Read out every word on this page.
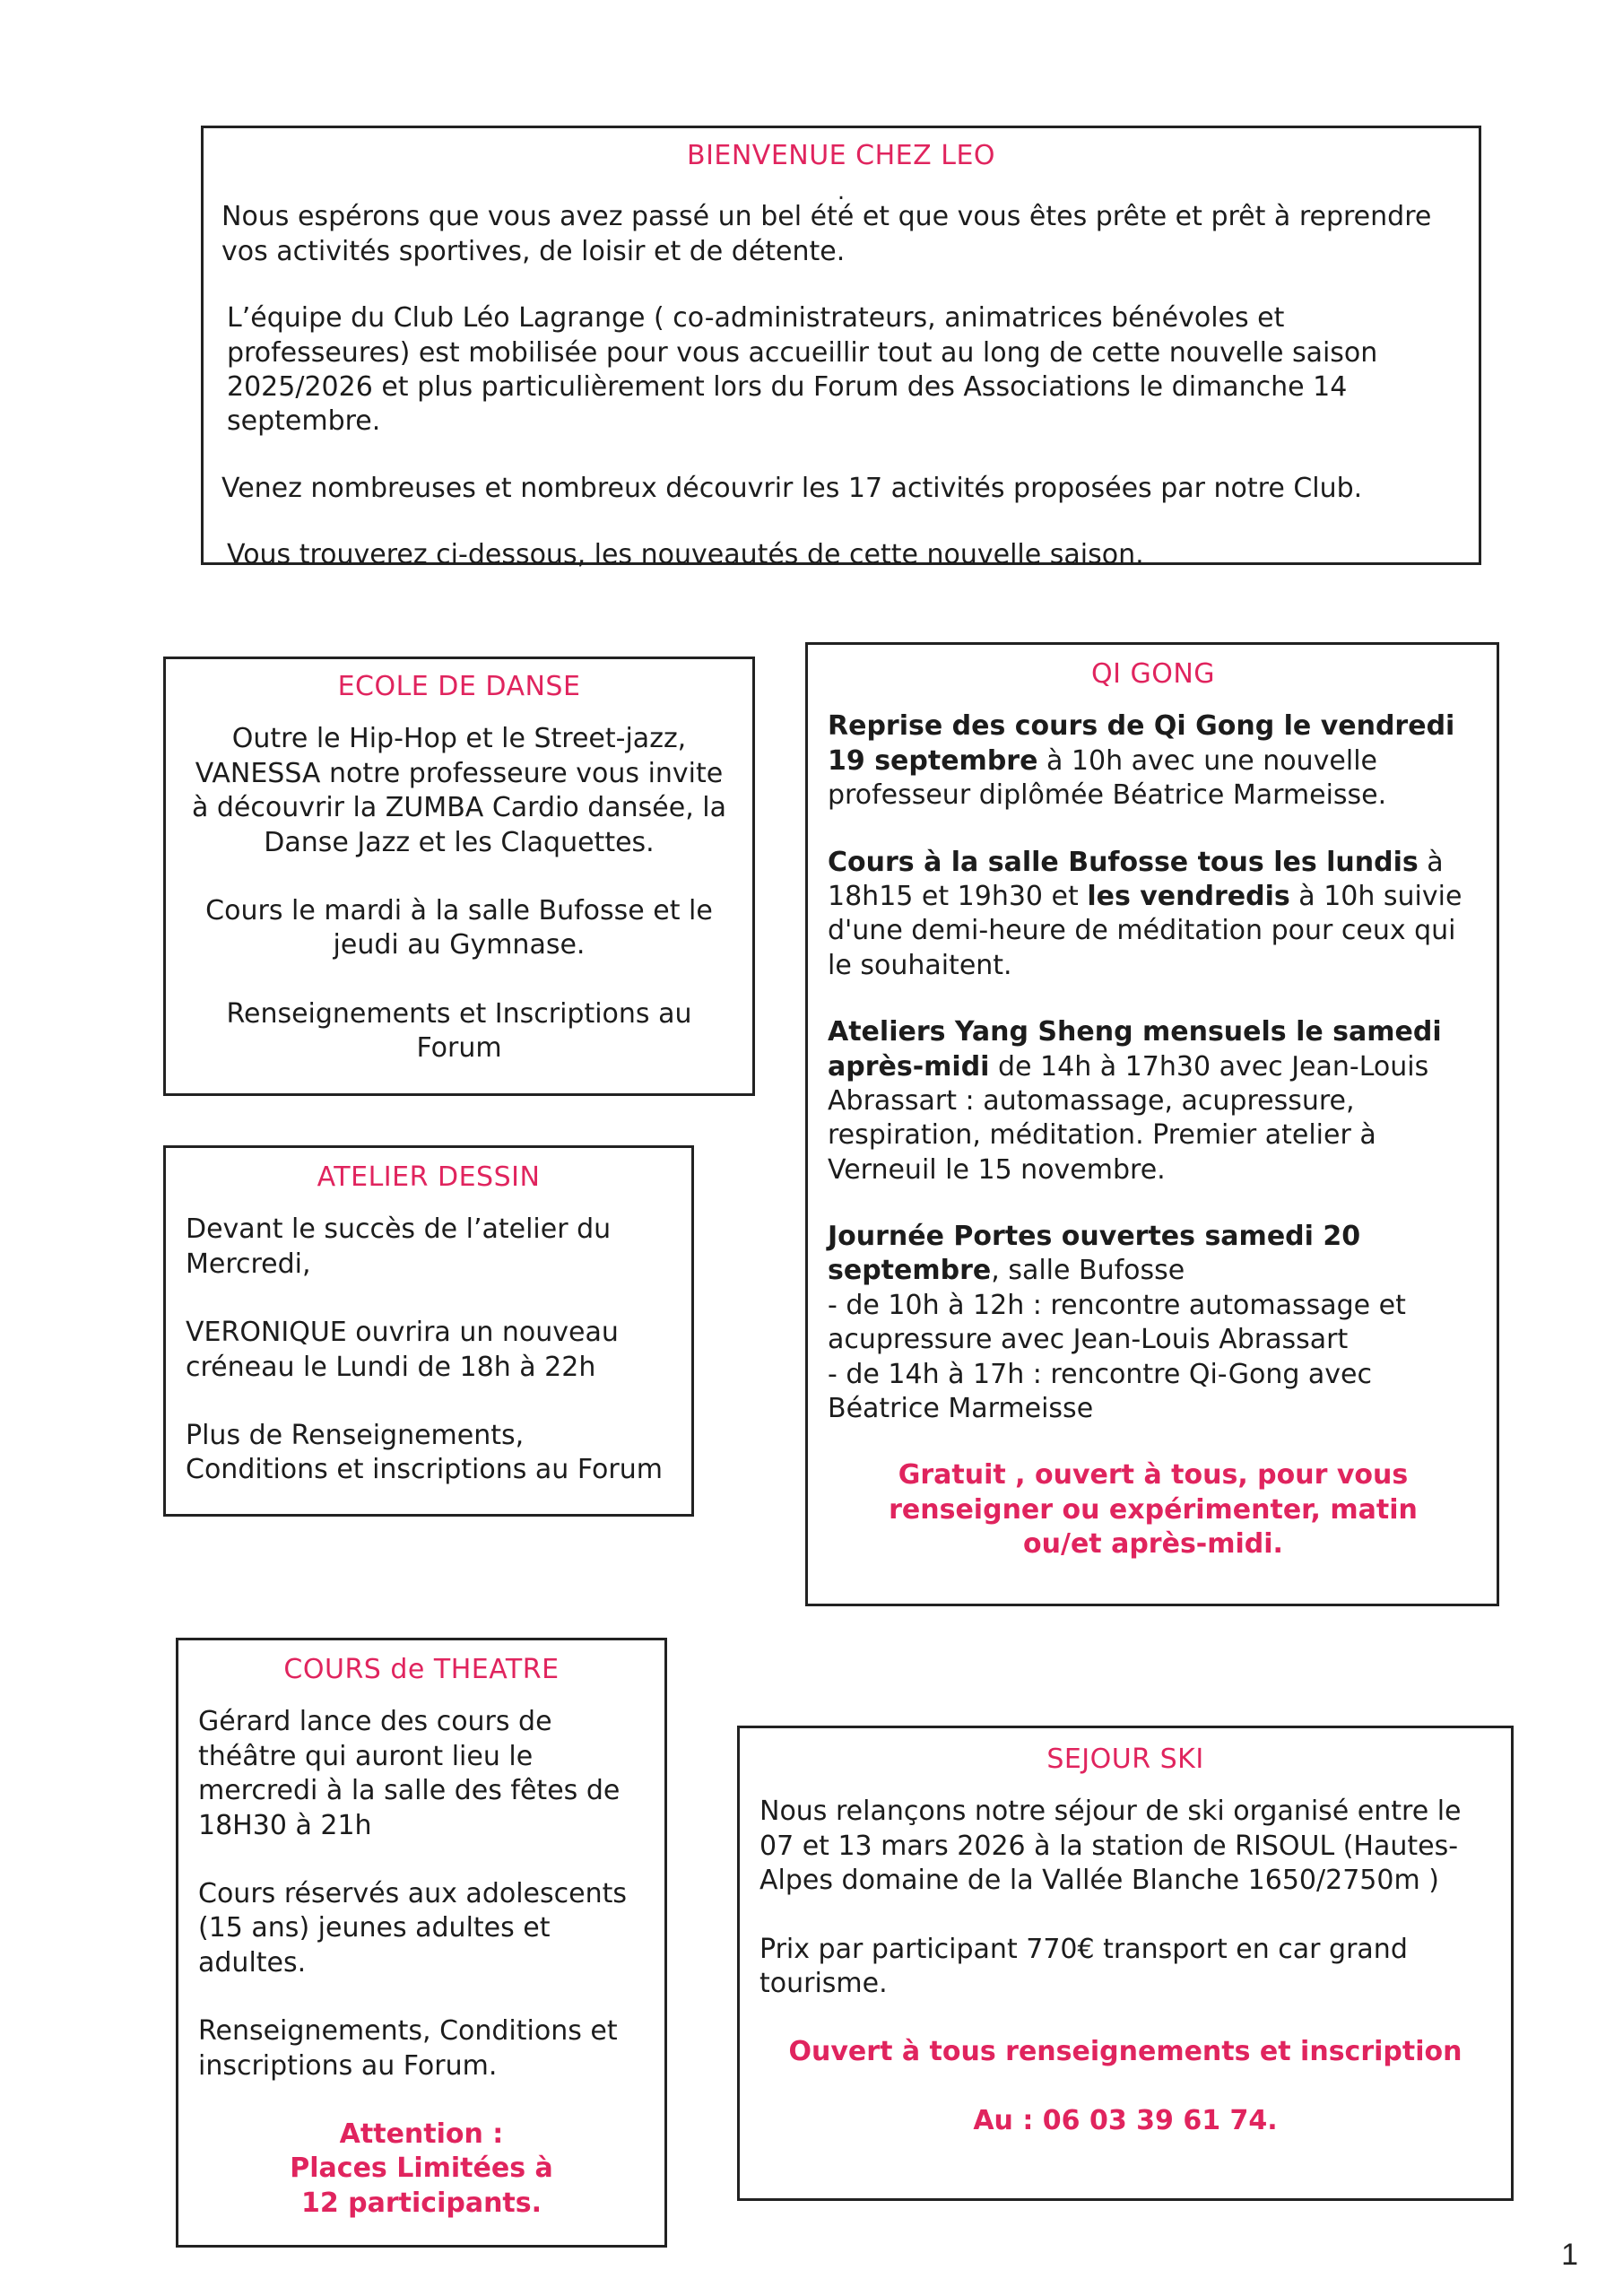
BIENVENUE CHEZ LEO
.

Nous espérons que vous avez passé un bel été et que vous êtes prête et prêt à reprendre vos activités sportives, de loisir et de détente.

L’équipe du Club Léo Lagrange ( co-administrateurs, animatrices bénévoles et professeures) est mobilisée pour vous accueillir tout au long de cette nouvelle saison 2025/2026 et plus particulièrement lors du Forum des Associations le dimanche 14 septembre.

Venez nombreuses et nombreux découvrir les 17 activités proposées par notre Club.

Vous trouverez ci-dessous, les nouveautés de cette nouvelle saison.

ECOLE DE DANSE

Outre le Hip-Hop et le Street-jazz, VANESSA notre professeure vous invite à découvrir la ZUMBA Cardio dansée, la Danse Jazz et les Claquettes.

Cours le mardi à la salle Bufosse et le jeudi au Gymnase.

Renseignements et Inscriptions au Forum

ATELIER DESSIN

Devant le succès de l’atelier du Mercredi,

VERONIQUE ouvrira un nouveau créneau le Lundi de 18h à 22h

Plus de Renseignements, Conditions et inscriptions au Forum

QI GONG

Reprise des cours de Qi Gong le vendredi 19 septembre à 10h avec une nouvelle professeur diplômée Béatrice Marmeisse.

Cours à la salle Bufosse tous les lundis à 18h15 et 19h30 et les vendredis à 10h suivie d'une demi-heure de méditation pour ceux qui le souhaitent.

Ateliers Yang Sheng mensuels le samedi après-midi de 14h à 17h30 avec Jean-Louis Abrassart : automassage, acupressure, respiration, méditation. Premier atelier à Verneuil le 15 novembre.

Journée Portes ouvertes samedi 20 septembre, salle Bufosse
- de 10h à 12h : rencontre automassage et acupressure avec Jean-Louis Abrassart
- de 14h à 17h : rencontre Qi-Gong avec Béatrice Marmeisse

Gratuit , ouvert à tous, pour vous renseigner ou expérimenter, matin ou/et après-midi.

COURS de THEATRE

Gérard lance des cours de théâtre qui auront lieu le mercredi à la salle des fêtes de 18H30 à 21h

Cours réservés aux adolescents (15 ans) jeunes adultes et adultes.

Renseignements, Conditions et inscriptions au Forum.

Attention :
Places Limitées à
12 participants.

SEJOUR SKI

Nous relançons notre séjour de ski organisé entre le 07 et 13 mars 2026 à la station de RISOUL (Hautes-Alpes domaine de la Vallée Blanche 1650/2750m )

Prix par participant 770€ transport en car grand tourisme.

Ouvert à tous renseignements et inscription

Au : 06 03 39 61 74.

1
